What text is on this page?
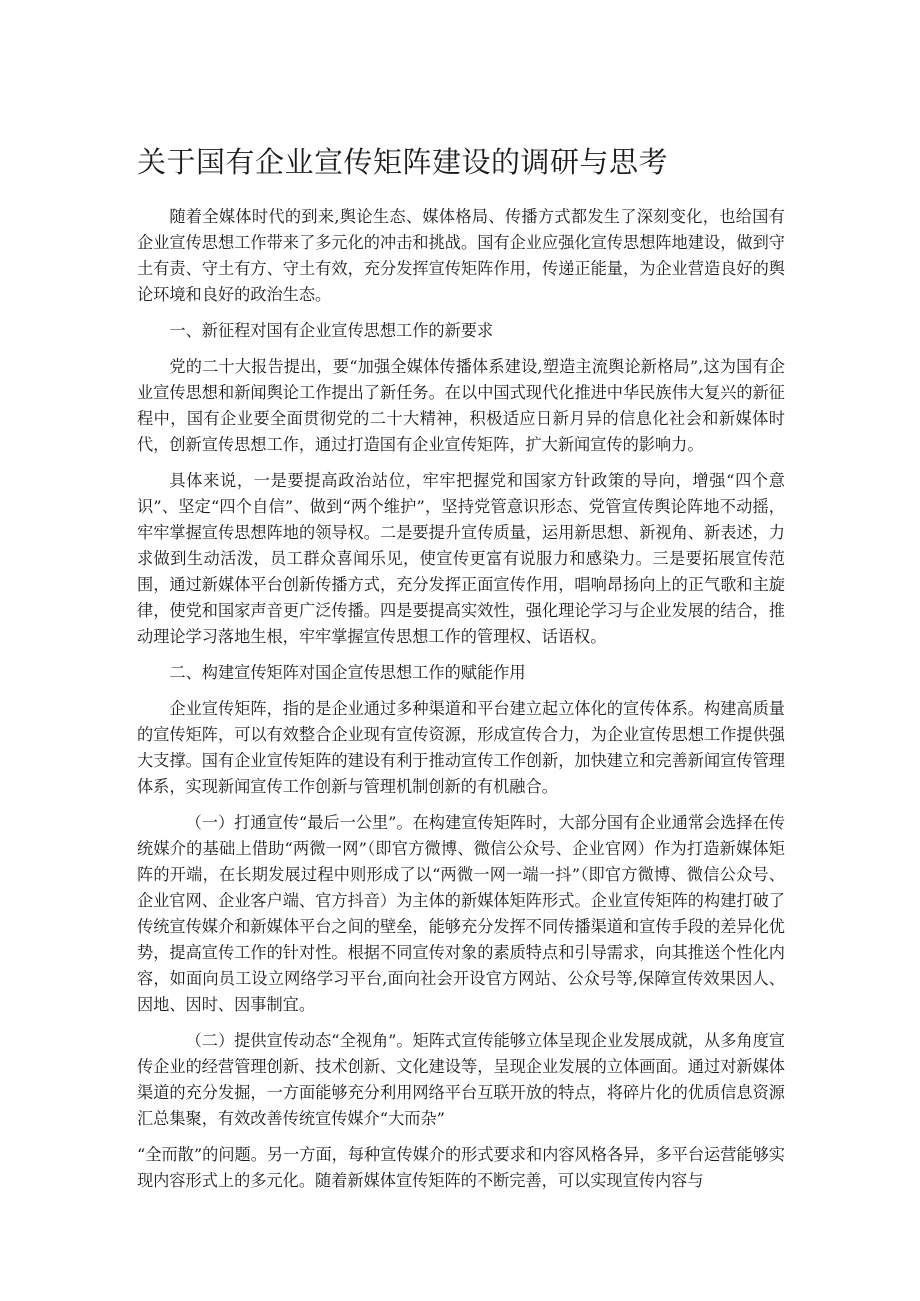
关于国有企业宣传矩阵建设的调研与思考

随着全媒体时代的到来,舆论生态、媒体格局、传播方式都发生了深刻变化，也给国有企业宣传思想工作带来了多元化的冲击和挑战。国有企业应强化宣传思想阵地建设，做到守土有责、守土有方、守土有效，充分发挥宣传矩阵作用，传递正能量，为企业营造良好的舆论环境和良好的政治生态。

一、新征程对国有企业宣传思想工作的新要求

党的二十大报告提出，要“加强全媒体传播体系建设,塑造主流舆论新格局”,这为国有企业宣传思想和新闻舆论工作提出了新任务。在以中国式现代化推进中华民族伟大复兴的新征程中，国有企业要全面贯彻党的二十大精神，积极适应日新月异的信息化社会和新媒体时代，创新宣传思想工作，通过打造国有企业宣传矩阵，扩大新闻宣传的影响力。

具体来说，一是要提高政治站位，牢牢把握党和国家方针政策的导向，增强“四个意识”、坚定“四个自信”、做到“两个维护”，坚持党管意识形态、党管宣传舆论阵地不动摇，牢牢掌握宣传思想阵地的领导权。二是要提升宣传质量，运用新思想、新视角、新表述，力求做到生动活泼，员工群众喜闻乐见，使宣传更富有说服力和感染力。三是要拓展宣传范围，通过新媒体平台创新传播方式，充分发挥正面宣传作用，唱响昂扬向上的正气歌和主旋律，使党和国家声音更广泛传播。四是要提高实效性，强化理论学习与企业发展的结合，推动理论学习落地生根，牢牢掌握宣传思想工作的管理权、话语权。

二、构建宣传矩阵对国企宣传思想工作的赋能作用

企业宣传矩阵，指的是企业通过多种渠道和平台建立起立体化的宣传体系。构建高质量的宣传矩阵，可以有效整合企业现有宣传资源，形成宣传合力，为企业宣传思想工作提供强大支撑。国有企业宣传矩阵的建设有利于推动宣传工作创新，加快建立和完善新闻宣传管理体系，实现新闻宣传工作创新与管理机制创新的有机融合。

（一）打通宣传“最后一公里”。在构建宣传矩阵时，大部分国有企业通常会选择在传统媒介的基础上借助“两微一网”（即官方微博、微信公众号、企业官网）作为打造新媒体矩阵的开端，在长期发展过程中则形成了以“两微一网一端一抖”（即官方微博、微信公众号、企业官网、企业客户端、官方抖音）为主体的新媒体矩阵形式。企业宣传矩阵的构建打破了传统宣传媒介和新媒体平台之间的壁垒，能够充分发挥不同传播渠道和宣传手段的差异化优势，提高宣传工作的针对性。根据不同宣传对象的素质特点和引导需求，向其推送个性化内容，如面向员工设立网络学习平台,面向社会开设官方网站、公众号等,保障宣传效果因人、因地、因时、因事制宜。

（二）提供宣传动态“全视角”。矩阵式宣传能够立体呈现企业发展成就，从多角度宣传企业的经营管理创新、技术创新、文化建设等，呈现企业发展的立体画面。通过对新媒体渠道的充分发掘，一方面能够充分利用网络平台互联开放的特点，将碎片化的优质信息资源汇总集聚，有效改善传统宣传媒介“大而杂”

“全而散”的问题。另一方面，每种宣传媒介的形式要求和内容风格各异，多平台运营能够实现内容形式上的多元化。随着新媒体宣传矩阵的不断完善，可以实现宣传内容与
